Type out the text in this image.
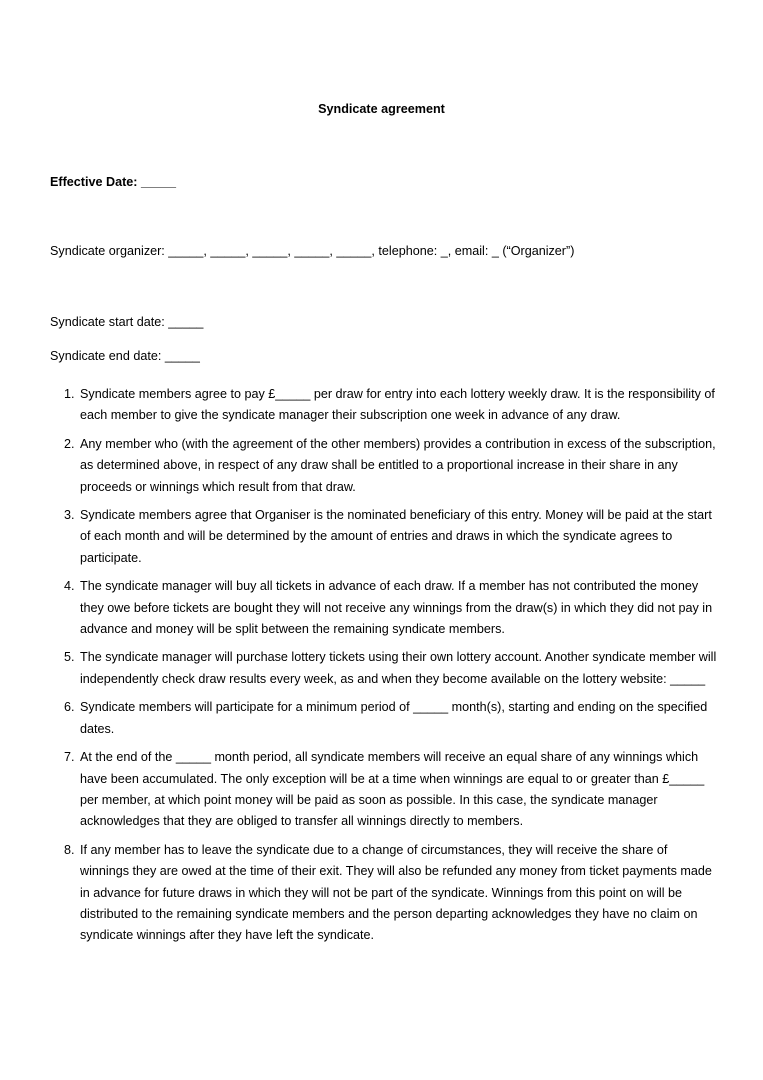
Syndicate agreement
Effective Date: _____
Syndicate organizer: _____, _____, _____, _____, _____, telephone: _, email: _ (“Organizer”)
Syndicate start date: _____
Syndicate end date: _____
1. Syndicate members agree to pay £_____ per draw for entry into each lottery weekly draw. It is the responsibility of each member to give the syndicate manager their subscription one week in advance of any draw.
2. Any member who (with the agreement of the other members) provides a contribution in excess of the subscription, as determined above, in respect of any draw shall be entitled to a proportional increase in their share in any proceeds or winnings which result from that draw.
3. Syndicate members agree that Organiser is the nominated beneficiary of this entry. Money will be paid at the start of each month and will be determined by the amount of entries and draws in which the syndicate agrees to participate.
4. The syndicate manager will buy all tickets in advance of each draw. If a member has not contributed the money they owe before tickets are bought they will not receive any winnings from the draw(s) in which they did not pay in advance and money will be split between the remaining syndicate members.
5. The syndicate manager will purchase lottery tickets using their own lottery account. Another syndicate member will independently check draw results every week, as and when they become available on the lottery website: _____
6. Syndicate members will participate for a minimum period of _____ month(s), starting and ending on the specified dates.
7. At the end of the _____ month period, all syndicate members will receive an equal share of any winnings which have been accumulated. The only exception will be at a time when winnings are equal to or greater than £_____ per member, at which point money will be paid as soon as possible. In this case, the syndicate manager acknowledges that they are obliged to transfer all winnings directly to members.
8. If any member has to leave the syndicate due to a change of circumstances, they will receive the share of winnings they are owed at the time of their exit. They will also be refunded any money from ticket payments made in advance for future draws in which they will not be part of the syndicate. Winnings from this point on will be distributed to the remaining syndicate members and the person departing acknowledges they have no claim on syndicate winnings after they have left the syndicate.
